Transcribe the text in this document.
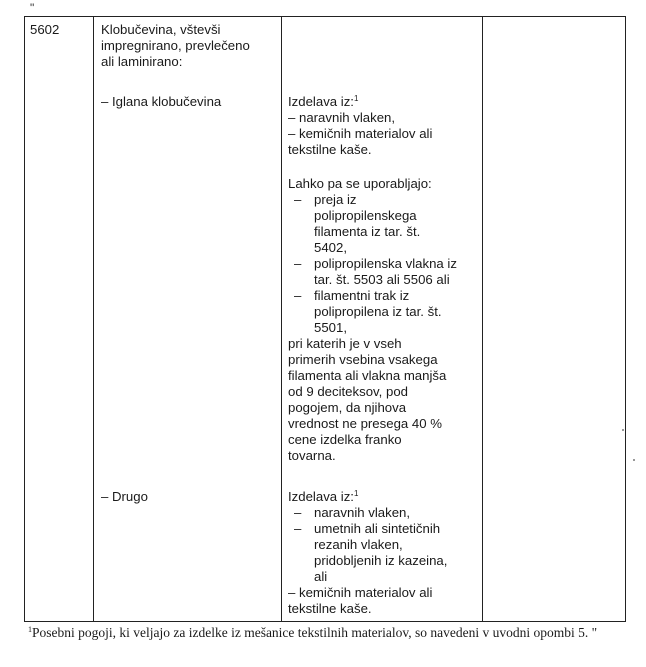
"
5602	Klobučevina, vštevši
impregnirano, prevlečeno
ali laminirano:
– Iglana klobučevina
– Drugo
Izdelava iz:$^1$
– naravnih vlaken,
– kemičnih materialov ali
tekstilne kaše.
Lahko pa se uporabljajo:
– preja iz
polipropilenskega
filamenta iz tar. št.
5402,
– polipropilenska vlakna iz
tar. št. 5503 ali 5506 ali
– filamentni trak iz
polipropilena iz tar. št.
5501,
pri katerih je v vseh
primerih vsebina vsakega
filamenta ali vlakna manjša
od 9 deciteksov, pod
pogojem, da njihova
vrednost ne presega 40 %
cene izdelka franko
tovarna.
Izdelava iz:$^1$
– naravnih vlaken,
– umetnih ali sintetičnih
rezanih vlaken,
pridobljenih iz kazeina,
ali
– kemičnih materialov ali
tekstilne kaše.
$^1$Posebni pogoji, ki veljajo za izdelke iz mešanice tekstilnih materialov, so navedeni v uvodni opombi 5. "
